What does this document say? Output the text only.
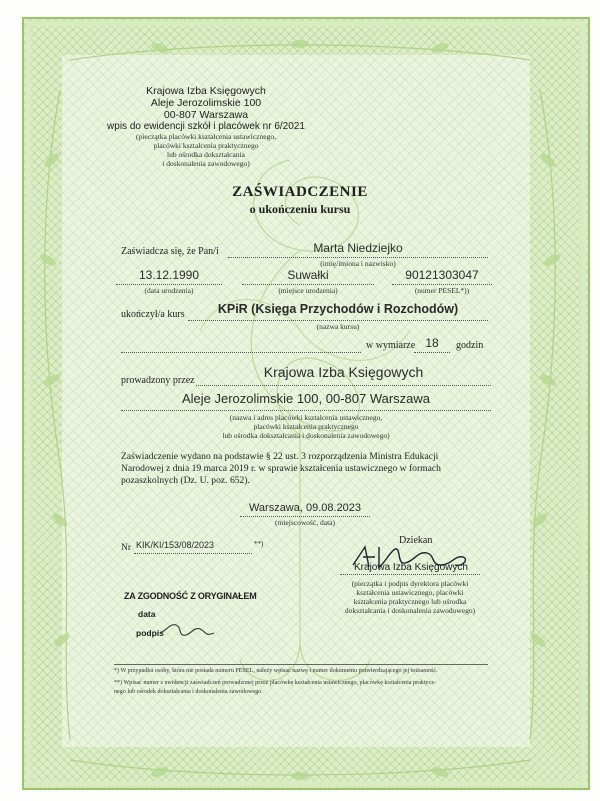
Krajowa Izba Księgowych
Aleje Jerozolimskie 100
00-807 Warszawa
wpis do ewidencji szkół i placówek nr 6/2021
(pieczątka placówki kształcenia ustawicznego,
placówki kształcenia praktycznego
lub ośrodka dokształcania
i doskonalenia zawodowego)
ZAŚWIADCZENIE
o ukończeniu kursu
Zaświadcza się, że Pan/i	Marta Niedziejko
(imię/imiona i nazwisko)
13.12.1990
(data urodzenia)
Suwałki
(miejsce urodzenia)
90121303047
(numer PESEL*))
ukończył/a kurs	KPiR (Księga Przychodów i Rozchodów)
(nazwa kursu)
w wymiarze 18	godzin
prowadzony przez
Krajowa Izba Księgowych
Aleje Jerozolimskie 100, 00-807 Warszawa
(nazwa i adres placówki kształcenia ustawicznego,
placówki kształcenia praktycznego
lub ośrodka dokształcania i doskonalenia zawodowego)
Zaświadczenie wydano na podstawie § 22 ust. 3 rozporządzenia Ministra Edukacji
Narodowej z dnia 19 marca 2019 r. w sprawie kształcenia ustawicznego w formach
pozaszkolnych (Dz. U. poz. 652).
Warszawa, 09.08.2023
(miejscowość, data)
Nr KIK/KI/153/08/2023	**)	Dziekan
Krajowa Izba Księgowych
(pieczątka i podpis dyrektora placówki
kształcenia ustawicznego, placówki
kształcenia praktycznego lub ośrodka
dokształcania i doskonalenia zawodowego)
ZA ZGODNOŚĆ Z ORYGINAŁEM
data
podpis
*) W przypadku osoby, która nie posiada numeru PESEL, należy wpisać nazwę i numer dokumentu potwierdzającego jej tożsamość.
**) Wpisać numer z ewidencji zaświadczeń prowadzonej przez placówkę kształcenia ustawicznego, placówkę kształcenia praktycz-
nego lub ośrodek dokształcania i doskonalenia zawodowego.
